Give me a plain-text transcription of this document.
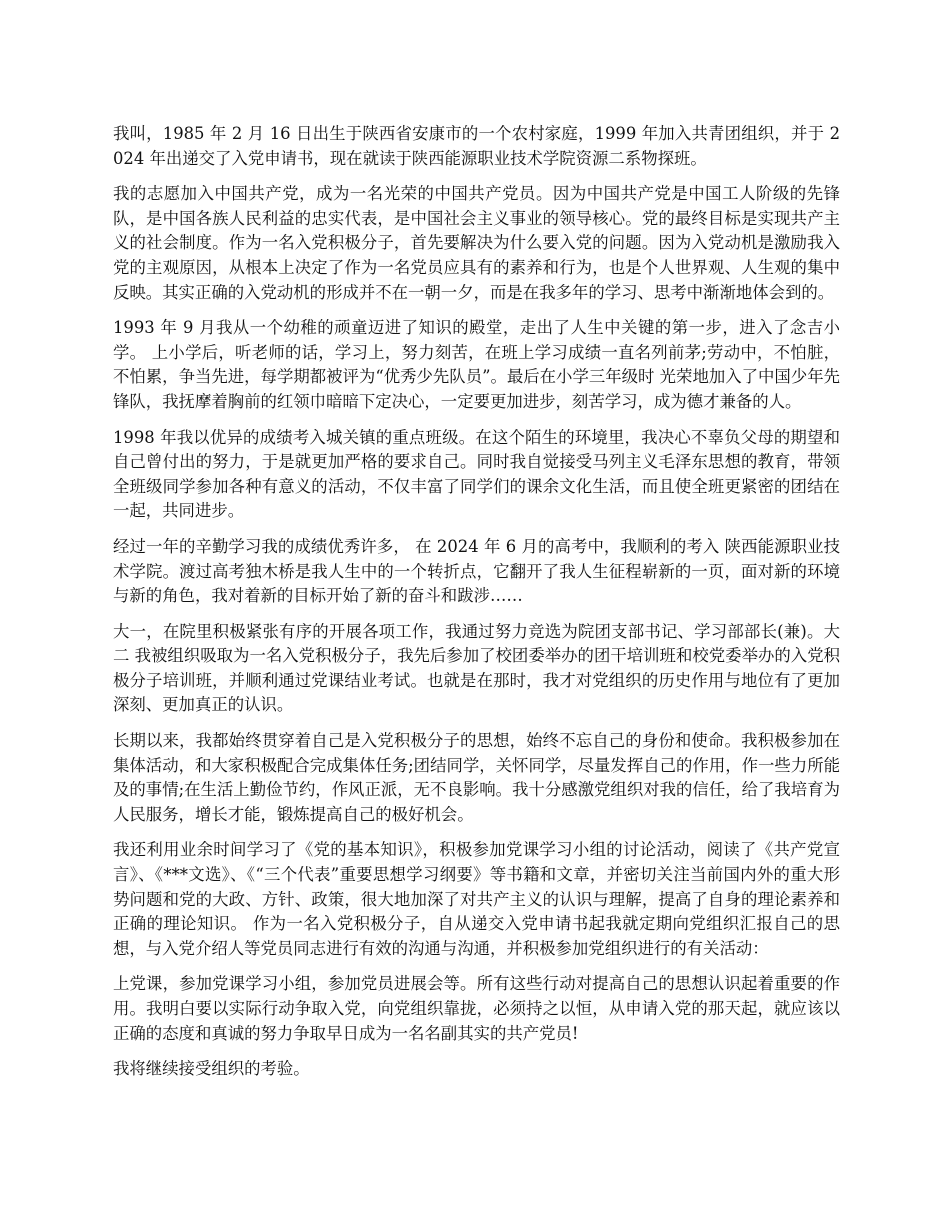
我叫，1985 年 2 月 16 日出生于陕西省安康市的一个农村家庭，1999 年加入共青团组织，并于 2024 年出递交了入党申请书，现在就读于陕西能源职业技术学院资源二系物探班。

我的志愿加入中国共产党，成为一名光荣的中国共产党员。因为中国共产党是中国工人阶级的先锋队，是中国各族人民利益的忠实代表，是中国社会主义事业的领导核心。党的最终目标是实现共产主义的社会制度。作为一名入党积极分子，首先要解决为什么要入党的问题。因为入党动机是激励我入党的主观原因，从根本上决定了作为一名党员应具有的素养和行为，也是个人世界观、人生观的集中反映。其实正确的入党动机的形成并不在一朝一夕，而是在我多年的学习、思考中渐渐地体会到的。

1993 年 9 月我从一个幼稚的顽童迈进了知识的殿堂，走出了人生中关键的第一步，进入了念吉小学。 上小学后，听老师的话，学习上，努力刻苦，在班上学习成绩一直名列前茅;劳动中，不怕脏，不怕累，争当先进，每学期都被评为“优秀少先队员”。最后在小学三年级时 光荣地加入了中国少年先锋队，我抚摩着胸前的红领巾暗暗下定决心，一定要更加进步，刻苦学习，成为德才兼备的人。

1998 年我以优异的成绩考入城关镇的重点班级。在这个陌生的环境里，我决心不辜负父母的期望和自己曾付出的努力，于是就更加严格的要求自己。同时我自觉接受马列主义毛泽东思想的教育，带领全班级同学参加各种有意义的活动，不仅丰富了同学们的课余文化生活，而且使全班更紧密的团结在一起，共同进步。

经过一年的辛勤学习我的成绩优秀许多， 在 2024 年 6 月的高考中，我顺利的考入 陕西能源职业技术学院。渡过高考独木桥是我人生中的一个转折点，它翻开了我人生征程崭新的一页，面对新的环境与新的角色，我对着新的目标开始了新的奋斗和跋涉……

大一，在院里积极紧张有序的开展各项工作，我通过努力竞选为院团支部书记、学习部部长(兼)。大二 我被组织吸取为一名入党积极分子，我先后参加了校团委举办的团干培训班和校党委举办的入党积极分子培训班，并顺利通过党课结业考试。也就是在那时，我才对党组织的历史作用与地位有了更加深刻、更加真正的认识。

长期以来，我都始终贯穿着自己是入党积极分子的思想，始终不忘自己的身份和使命。我积极参加在集体活动，和大家积极配合完成集体任务;团结同学，关怀同学，尽量发挥自己的作用，作一些力所能及的事情;在生活上勤俭节约，作风正派，无不良影响。我十分感激党组织对我的信任，给了我培育为人民服务，增长才能，锻炼提高自己的极好机会。

我还利用业余时间学习了《党的基本知识》，积极参加党课学习小组的讨论活动，阅读了《共产党宣言》、《***文选》、《“三个代表”重要思想学习纲要》等书籍和文章，并密切关注当前国内外的重大形势问题和党的大政、方针、政策，很大地加深了对共产主义的认识与理解，提高了自身的理论素养和正确的理论知识。 作为一名入党积极分子，自从递交入党申请书起我就定期向党组织汇报自己的思想，与入党介绍人等党员同志进行有效的沟通与沟通，并积极参加党组织进行的有关活动：

上党课，参加党课学习小组，参加党员进展会等。所有这些行动对提高自己的思想认识起着重要的作用。我明白要以实际行动争取入党，向党组织靠拢，必须持之以恒，从申请入党的那天起，就应该以正确的态度和真诚的努力争取早日成为一名名副其实的共产党员!

我将继续接受组织的考验。
